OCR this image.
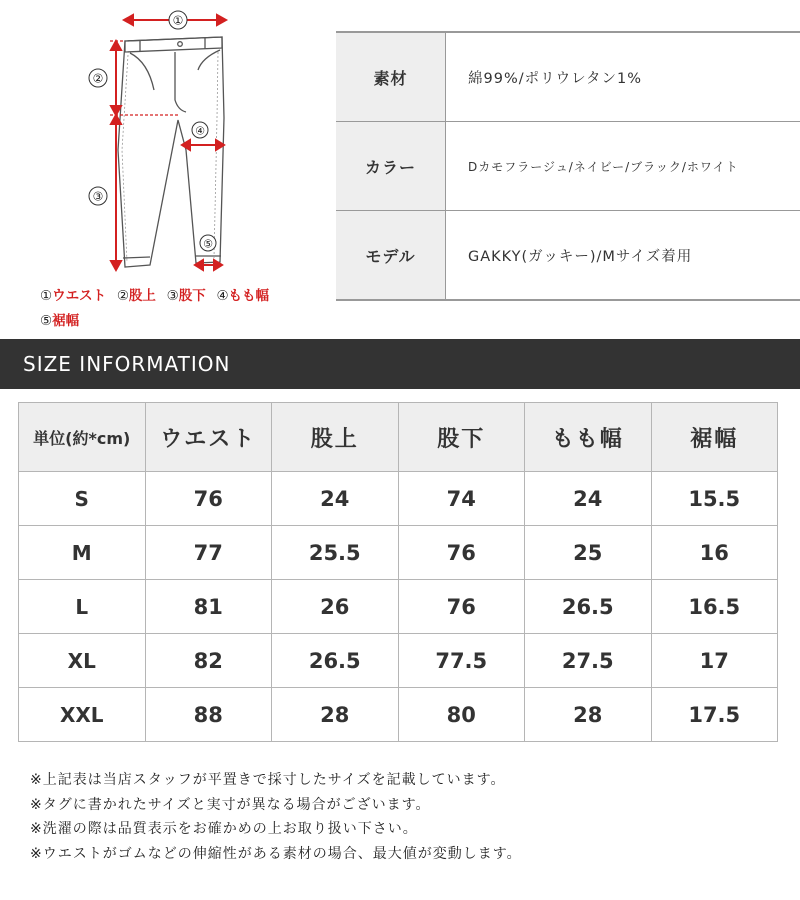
①
②
③
④
⑤
①ウエスト ②股上 ③股下 ④もも幅
⑤裾幅
素材	綿99%/ポリウレタン1%
カラー	Dカモフラージュ/ネイビー/ブラック/ホワイト
モデル	GAKKY(ガッキー)/Mサイズ着用
SIZE INFORMATION
単位(約*cm)	ウエスト	股上	股下	もも幅	裾幅
S	76	24	74	24	15.5
M	77	25.5	76	25	16
L	81	26	76	26.5	16.5
XL	82	26.5	77.5	27.5	17
XXL	88	28	80	28	17.5
※上記表は当店スタッフが平置きで採寸したサイズを記載しています。
※タグに書かれたサイズと実寸が異なる場合がございます。
※洗濯の際は品質表示をお確かめの上お取り扱い下さい。
※ウエストがゴムなどの伸縮性がある素材の場合、最大値が変動します。
